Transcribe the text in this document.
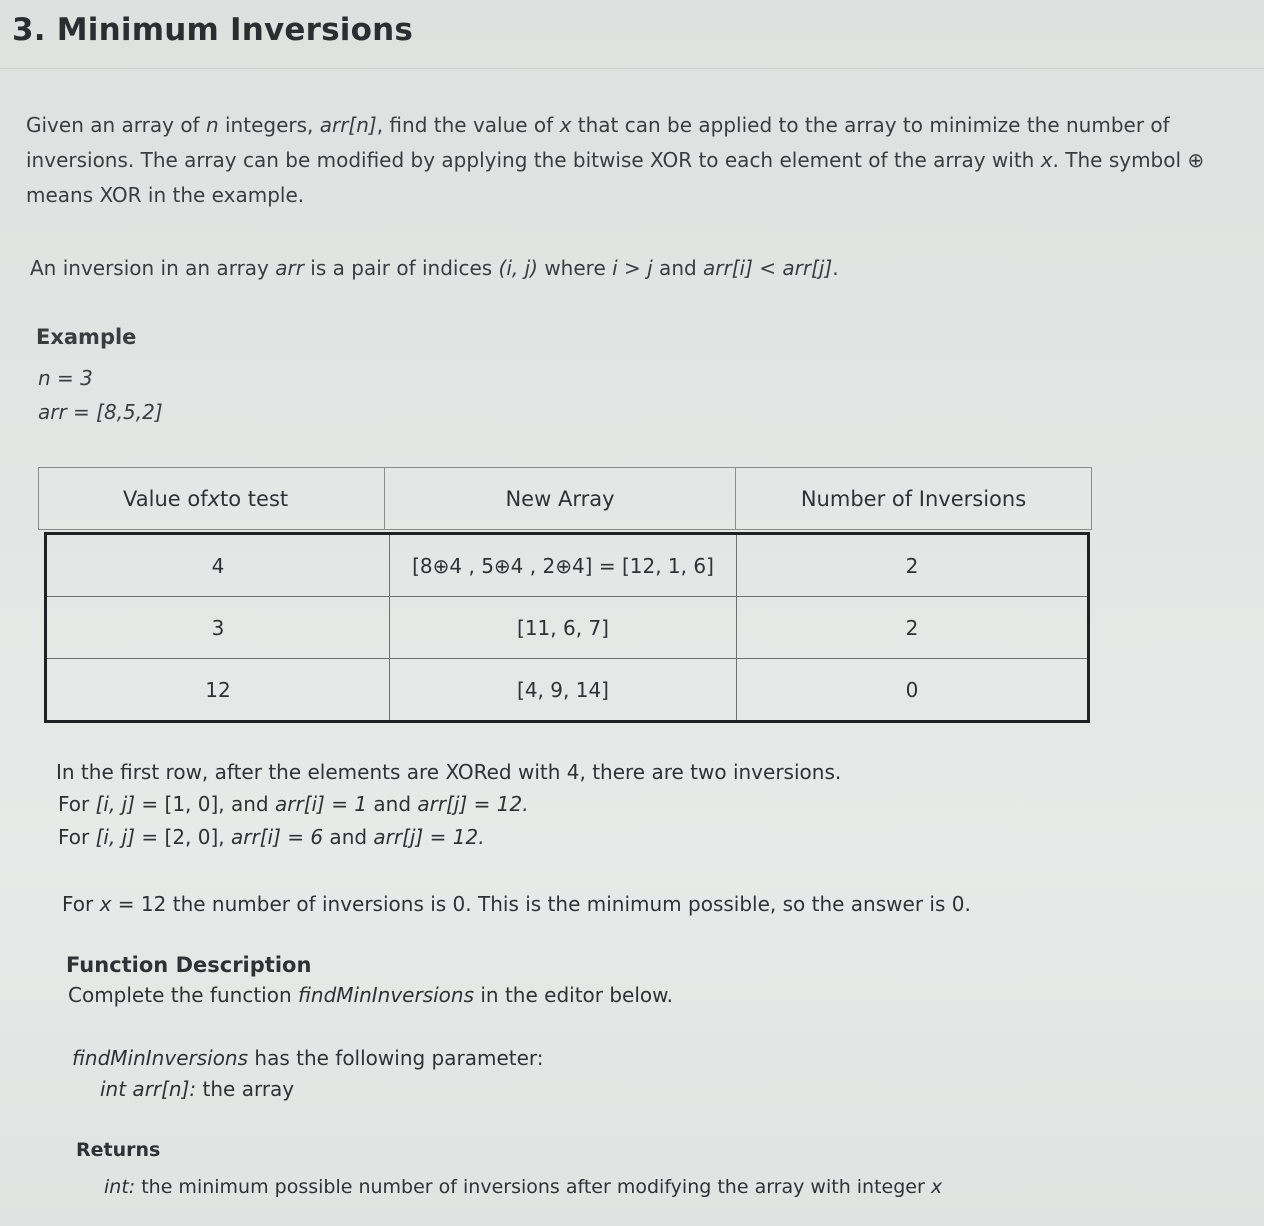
3. Minimum Inversions
Given an array of n integers, arr[n], find the value of x that can be applied to the array to minimize the number of inversions. The array can be modified by applying the bitwise XOR to each element of the array with x. The symbol ⊕ means XOR in the example.
An inversion in an array arr is a pair of indices (i, j) where i > j and arr[i] < arr[j].
Example
n = 3
arr = [8,5,2]
Value of x to test	New Array	Number of Inversions
4	[8⊕4 , 5⊕4 , 2⊕4] = [12, 1, 6]	2
3	[11, 6, 7]	2
12	[4, 9, 14]	0
In the first row, after the elements are XORed with 4, there are two inversions.
For [i, j] = [1, 0], and arr[i] = 1 and arr[j] = 12.
For [i, j] = [2, 0], arr[i] = 6 and arr[j] = 12.
For x = 12 the number of inversions is 0. This is the minimum possible, so the answer is 0.
Function Description
Complete the function findMinInversions in the editor below.
findMinInversions has the following parameter:
int arr[n]: the array
Returns
int: the minimum possible number of inversions after modifying the array with integer x
